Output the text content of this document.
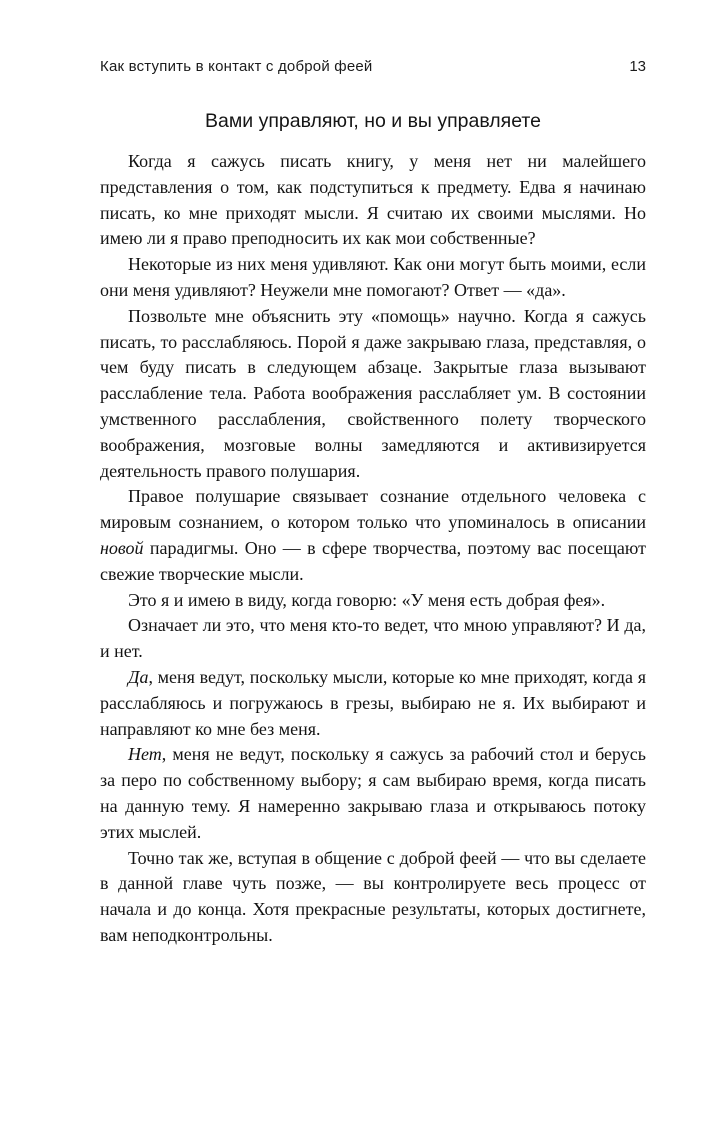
Как вступить в контакт с доброй феей	13
Вами управляют, но и вы управляете

Когда я сажусь писать книгу, у меня нет ни малейшего представления о том, как подступиться к предмету. Едва я начинаю писать, ко мне приходят мысли. Я считаю их своими мыслями. Но имею ли я право преподносить их как мои собственные?

Некоторые из них меня удивляют. Как они могут быть моими, если они меня удивляют? Неужели мне помогают? Ответ — «да».

Позвольте мне объяснить эту «помощь» научно. Когда я сажусь писать, то расслабляюсь. Порой я даже закрываю глаза, представляя, о чем буду писать в следующем абзаце. Закрытые глаза вызывают расслабление тела. Работа воображения расслабляет ум. В состоянии умственного расслабления, свойственного полету творческого воображения, мозговые волны замедляются и активизируется деятельность правого полушария.

Правое полушарие связывает сознание отдельного человека с мировым сознанием, о котором только что упоминалось в описании новой парадигмы. Оно — в сфере творчества, поэтому вас посещают свежие творческие мысли.

Это я и имею в виду, когда говорю: «У меня есть добрая фея».

Означает ли это, что меня кто-то ведет, что мною управляют? И да, и нет.

Да, меня ведут, поскольку мысли, которые ко мне приходят, когда я расслабляюсь и погружаюсь в грезы, выбираю не я. Их выбирают и направляют ко мне без меня.

Нет, меня не ведут, поскольку я сажусь за рабочий стол и берусь за перо по собственному выбору; я сам выбираю время, когда писать на данную тему. Я намеренно закрываю глаза и открываюсь потоку этих мыслей.

Точно так же, вступая в общение с доброй феей — что вы сделаете в данной главе чуть позже, — вы контролируете весь процесс от начала и до конца. Хотя прекрасные результаты, которых достигнете, вам неподконтрольны.
